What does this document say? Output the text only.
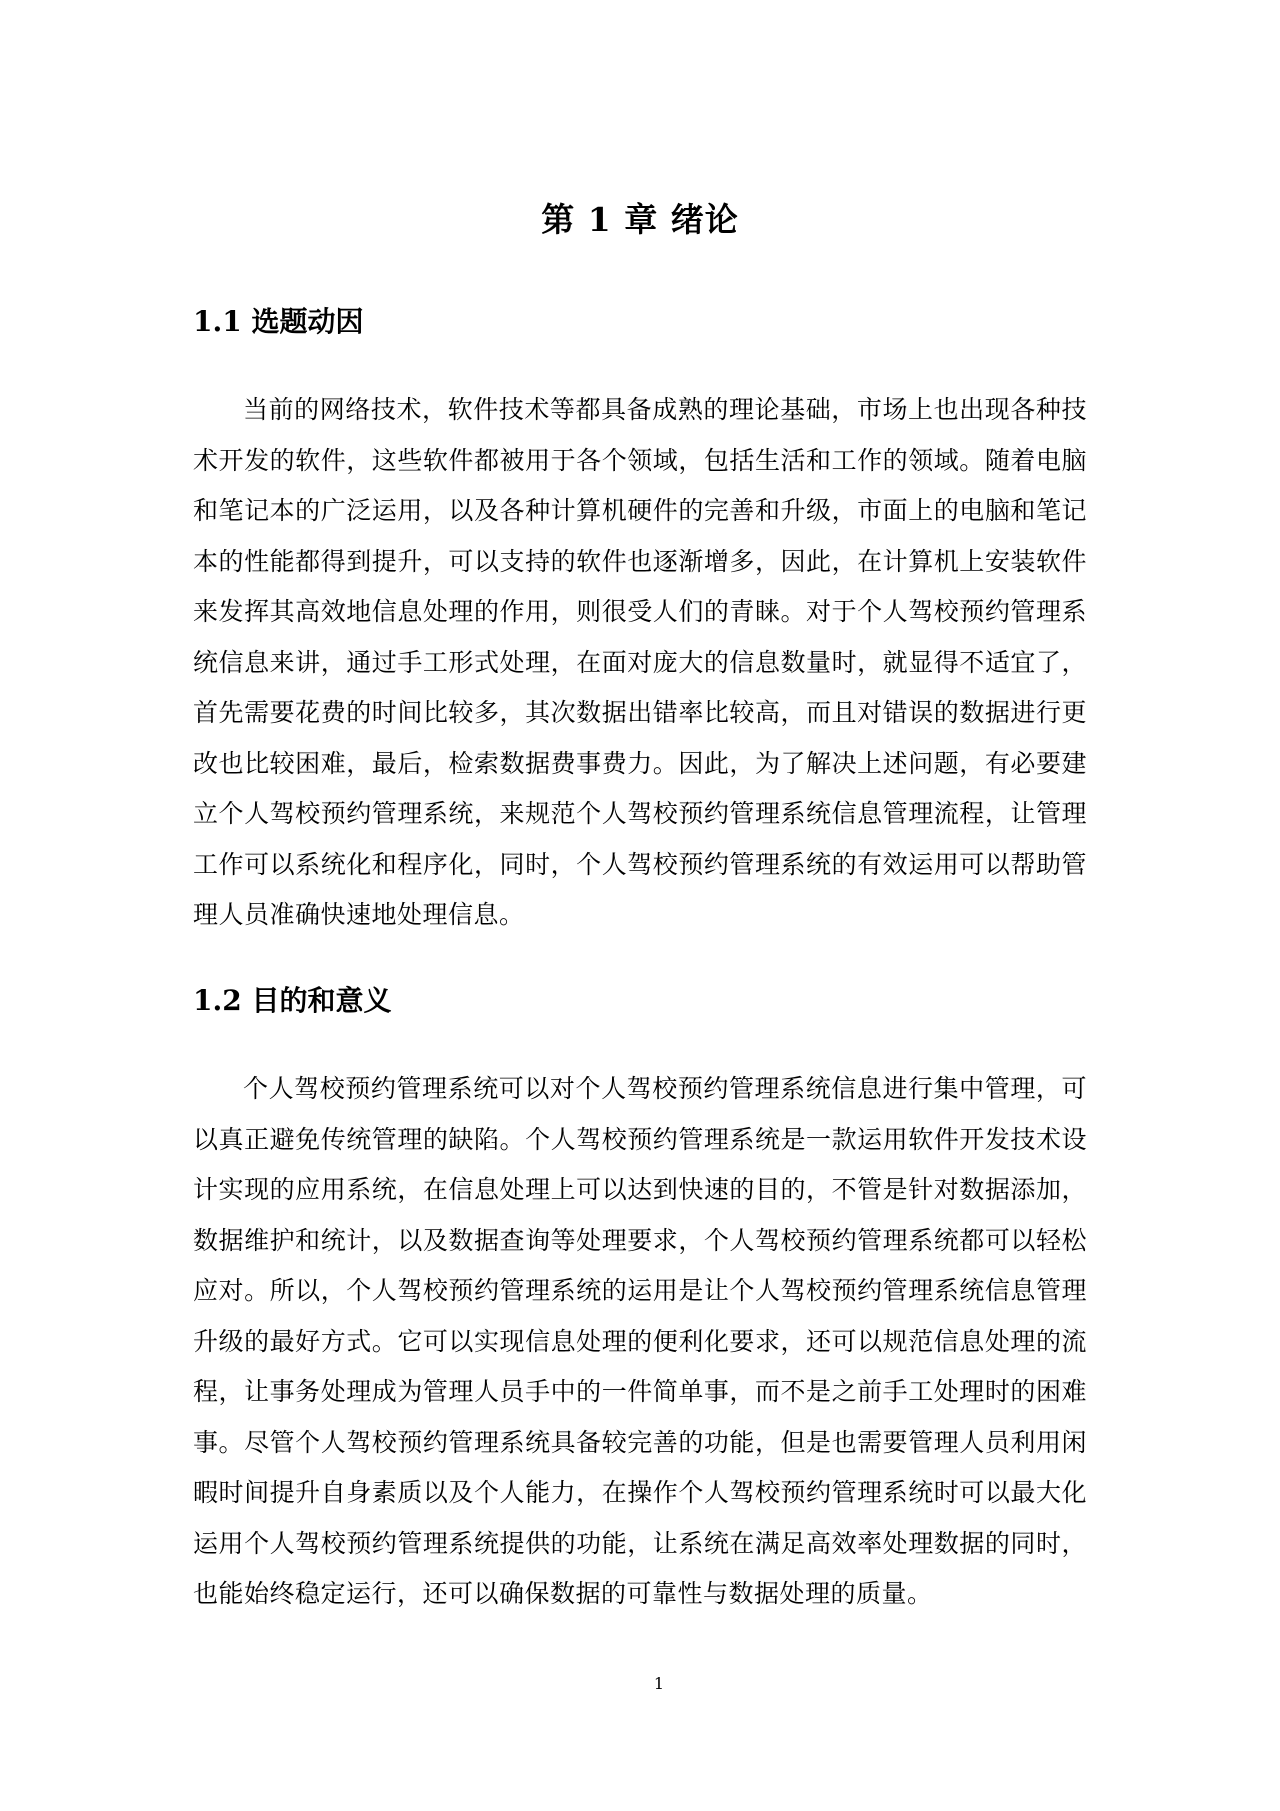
第 1 章 绪论
1.1 选题动因

当前的网络技术，软件技术等都具备成熟的理论基础，市场上也出现各种技术开发的软件，这些软件都被用于各个领域，包括生活和工作的领域。随着电脑和笔记本的广泛运用，以及各种计算机硬件的完善和升级，市面上的电脑和笔记本的性能都得到提升，可以支持的软件也逐渐增多，因此，在计算机上安装软件来发挥其高效地信息处理的作用，则很受人们的青睐。对于个人驾校预约管理系统信息来讲，通过手工形式处理，在面对庞大的信息数量时，就显得不适宜了，首先需要花费的时间比较多，其次数据出错率比较高，而且对错误的数据进行更改也比较困难，最后，检索数据费事费力。因此，为了解决上述问题，有必要建立个人驾校预约管理系统，来规范个人驾校预约管理系统信息管理流程，让管理工作可以系统化和程序化，同时，个人驾校预约管理系统的有效运用可以帮助管理人员准确快速地处理信息。

1.2 目的和意义

个人驾校预约管理系统可以对个人驾校预约管理系统信息进行集中管理，可以真正避免传统管理的缺陷。个人驾校预约管理系统是一款运用软件开发技术设计实现的应用系统，在信息处理上可以达到快速的目的，不管是针对数据添加，数据维护和统计，以及数据查询等处理要求，个人驾校预约管理系统都可以轻松应对。所以，个人驾校预约管理系统的运用是让个人驾校预约管理系统信息管理升级的最好方式。它可以实现信息处理的便利化要求，还可以规范信息处理的流程，让事务处理成为管理人员手中的一件简单事，而不是之前手工处理时的困难事。尽管个人驾校预约管理系统具备较完善的功能，但是也需要管理人员利用闲暇时间提升自身素质以及个人能力，在操作个人驾校预约管理系统时可以最大化运用个人驾校预约管理系统提供的功能，让系统在满足高效率处理数据的同时，也能始终稳定运行，还可以确保数据的可靠性与数据处理的质量。

1
